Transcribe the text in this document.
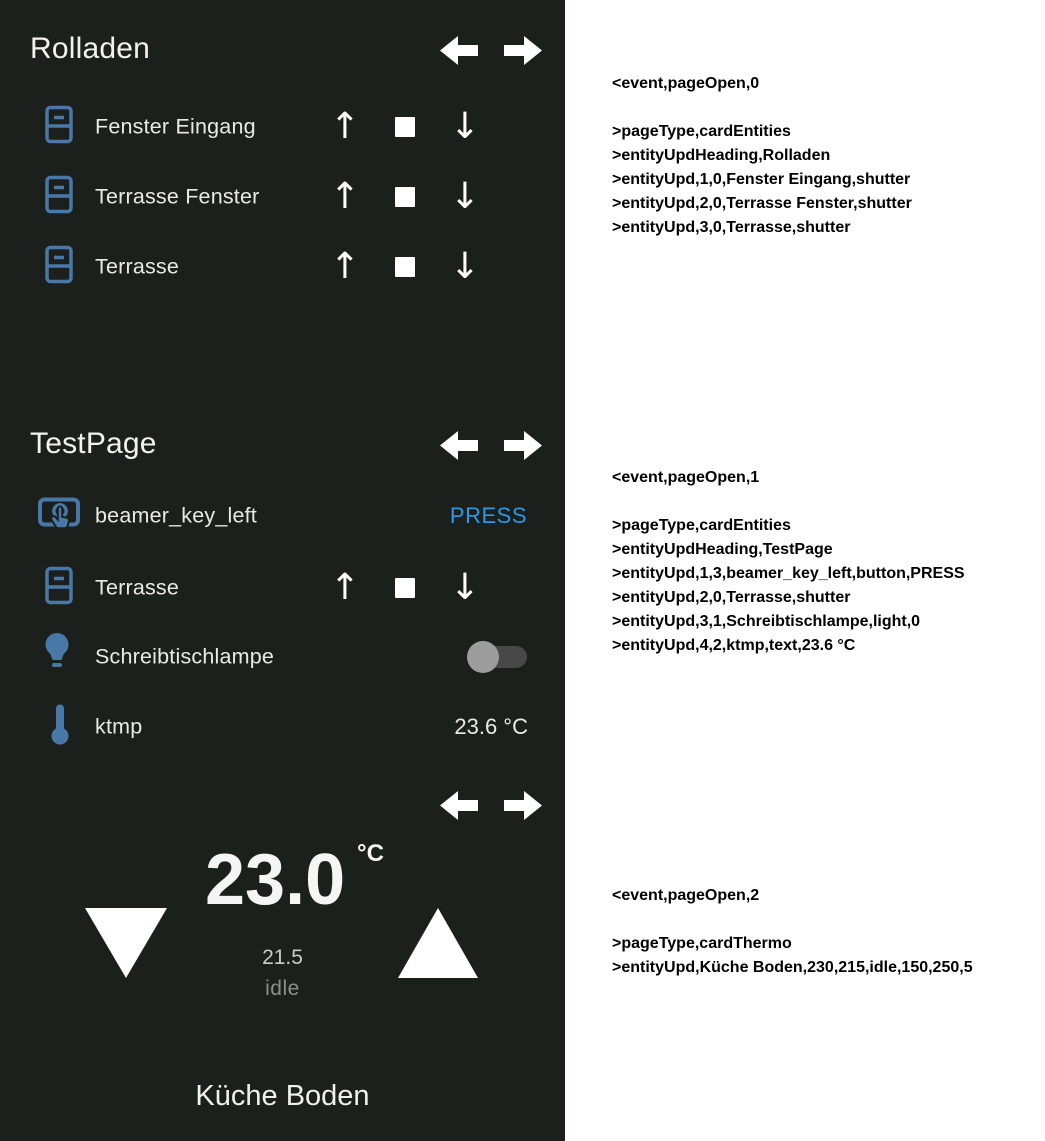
Rolladen
Fenster Eingang ↑ ↓
Terrasse Fenster ↑ ↓
Terrasse	↑ ↓
TestPage
beamer_key_left	PRESS
Terrasse	↑ ↓
Schreibtischlampe
ktmp	23.6 °C
23.0 °C
21.5
idle
Küche Boden
<event,pageOpen,0
>pageType,cardEntities
>entityUpdHeading,Rolladen
>entityUpd,1,0,Fenster Eingang,shutter
>entityUpd,2,0,Terrasse Fenster,shutter
>entityUpd,3,0,Terrasse,shutter
<event,pageOpen,1
>pageType,cardEntities
>entityUpdHeading,TestPage
>entityUpd,1,3,beamer_key_left,button,PRESS
>entityUpd,2,0,Terrasse,shutter
>entityUpd,3,1,Schreibtischlampe,light,0
>entityUpd,4,2,ktmp,text,23.6 °C
<event,pageOpen,2
>pageType,cardThermo
>entityUpd,Küche Boden,230,215,idle,150,250,5
